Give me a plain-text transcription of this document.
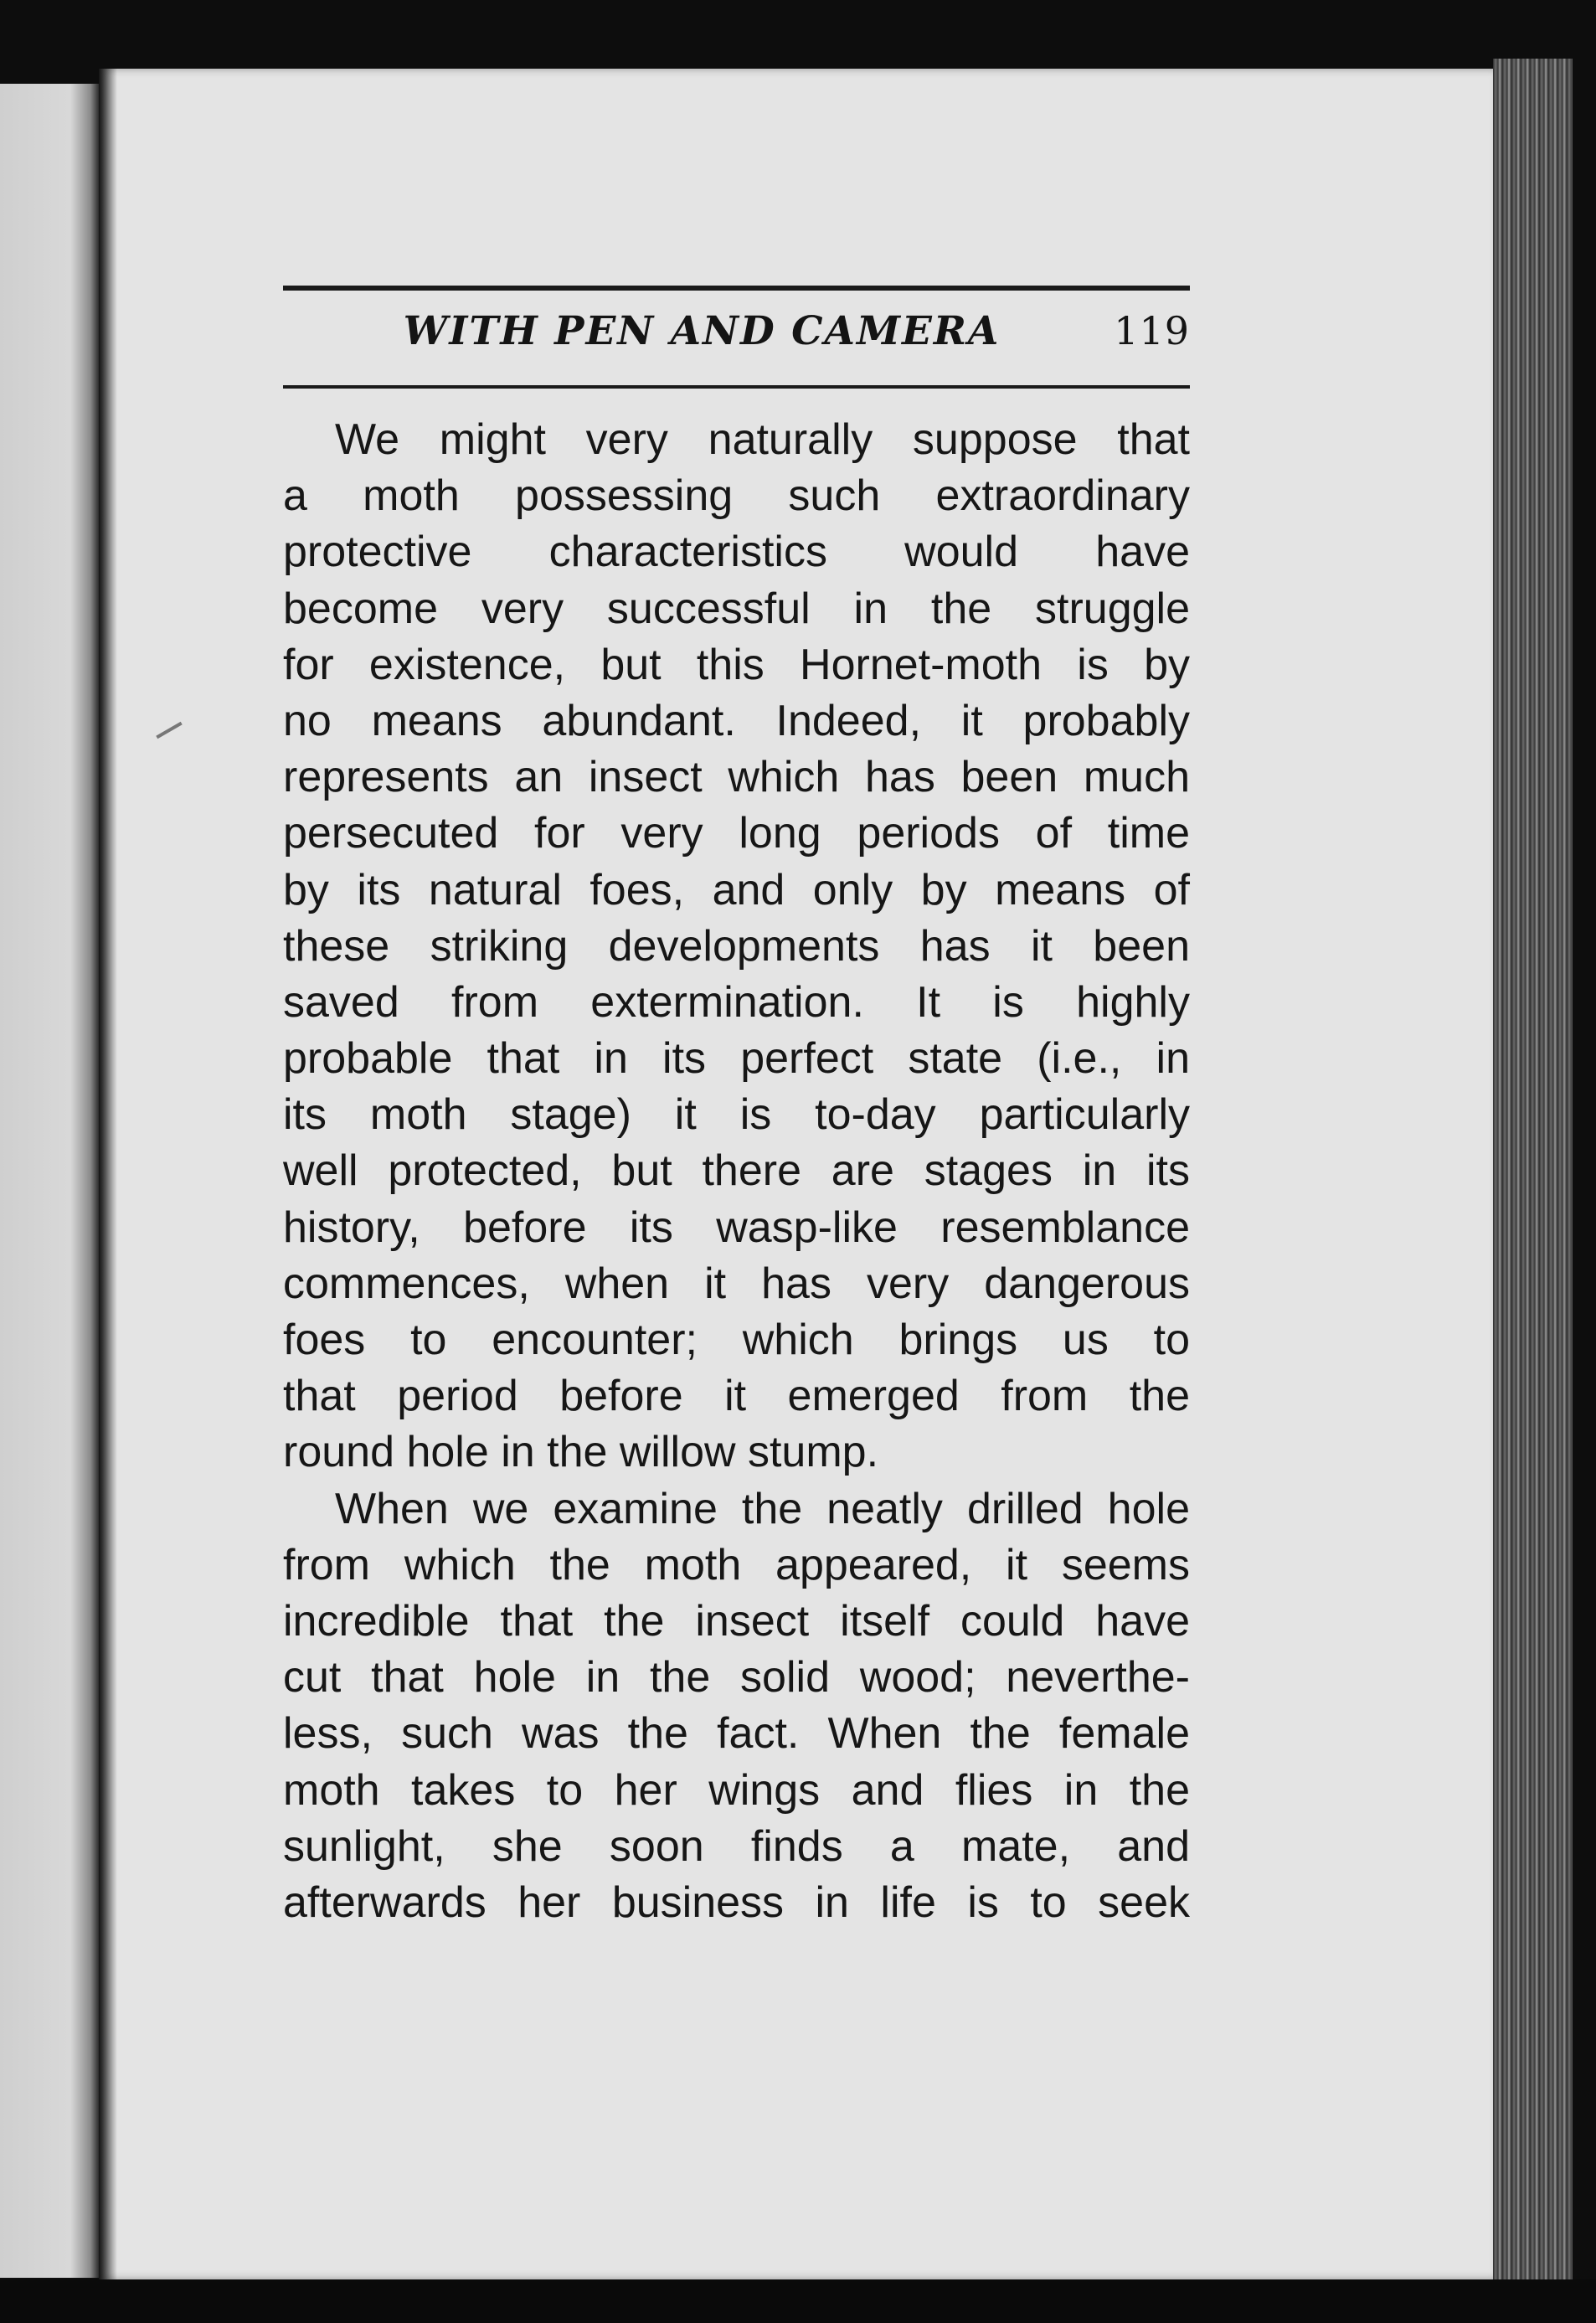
WITH PEN AND CAMERA	119
We might very naturally suppose that
a moth possessing such extraordinary
protective characteristics would have
become very successful in the struggle
for existence, but this Hornet-moth is by
no means abundant. Indeed, it probably
represents an insect which has been much
persecuted for very long periods of time
by its natural foes, and only by means of
these striking developments has it been
saved from extermination. It is highly
probable that in its perfect state (i.e., in
its moth stage) it is to-day particularly
well protected, but there are stages in its
history, before its wasp-like resemblance
commences, when it has very dangerous
foes to encounter; which brings us to
that period before it emerged from the
round hole in the willow stump.
When we examine the neatly drilled hole
from which the moth appeared, it seems
incredible that the insect itself could have
cut that hole in the solid wood; neverthe-
less, such was the fact. When the female
moth takes to her wings and flies in the
sunlight, she soon finds a mate, and
afterwards her business in life is to seek
